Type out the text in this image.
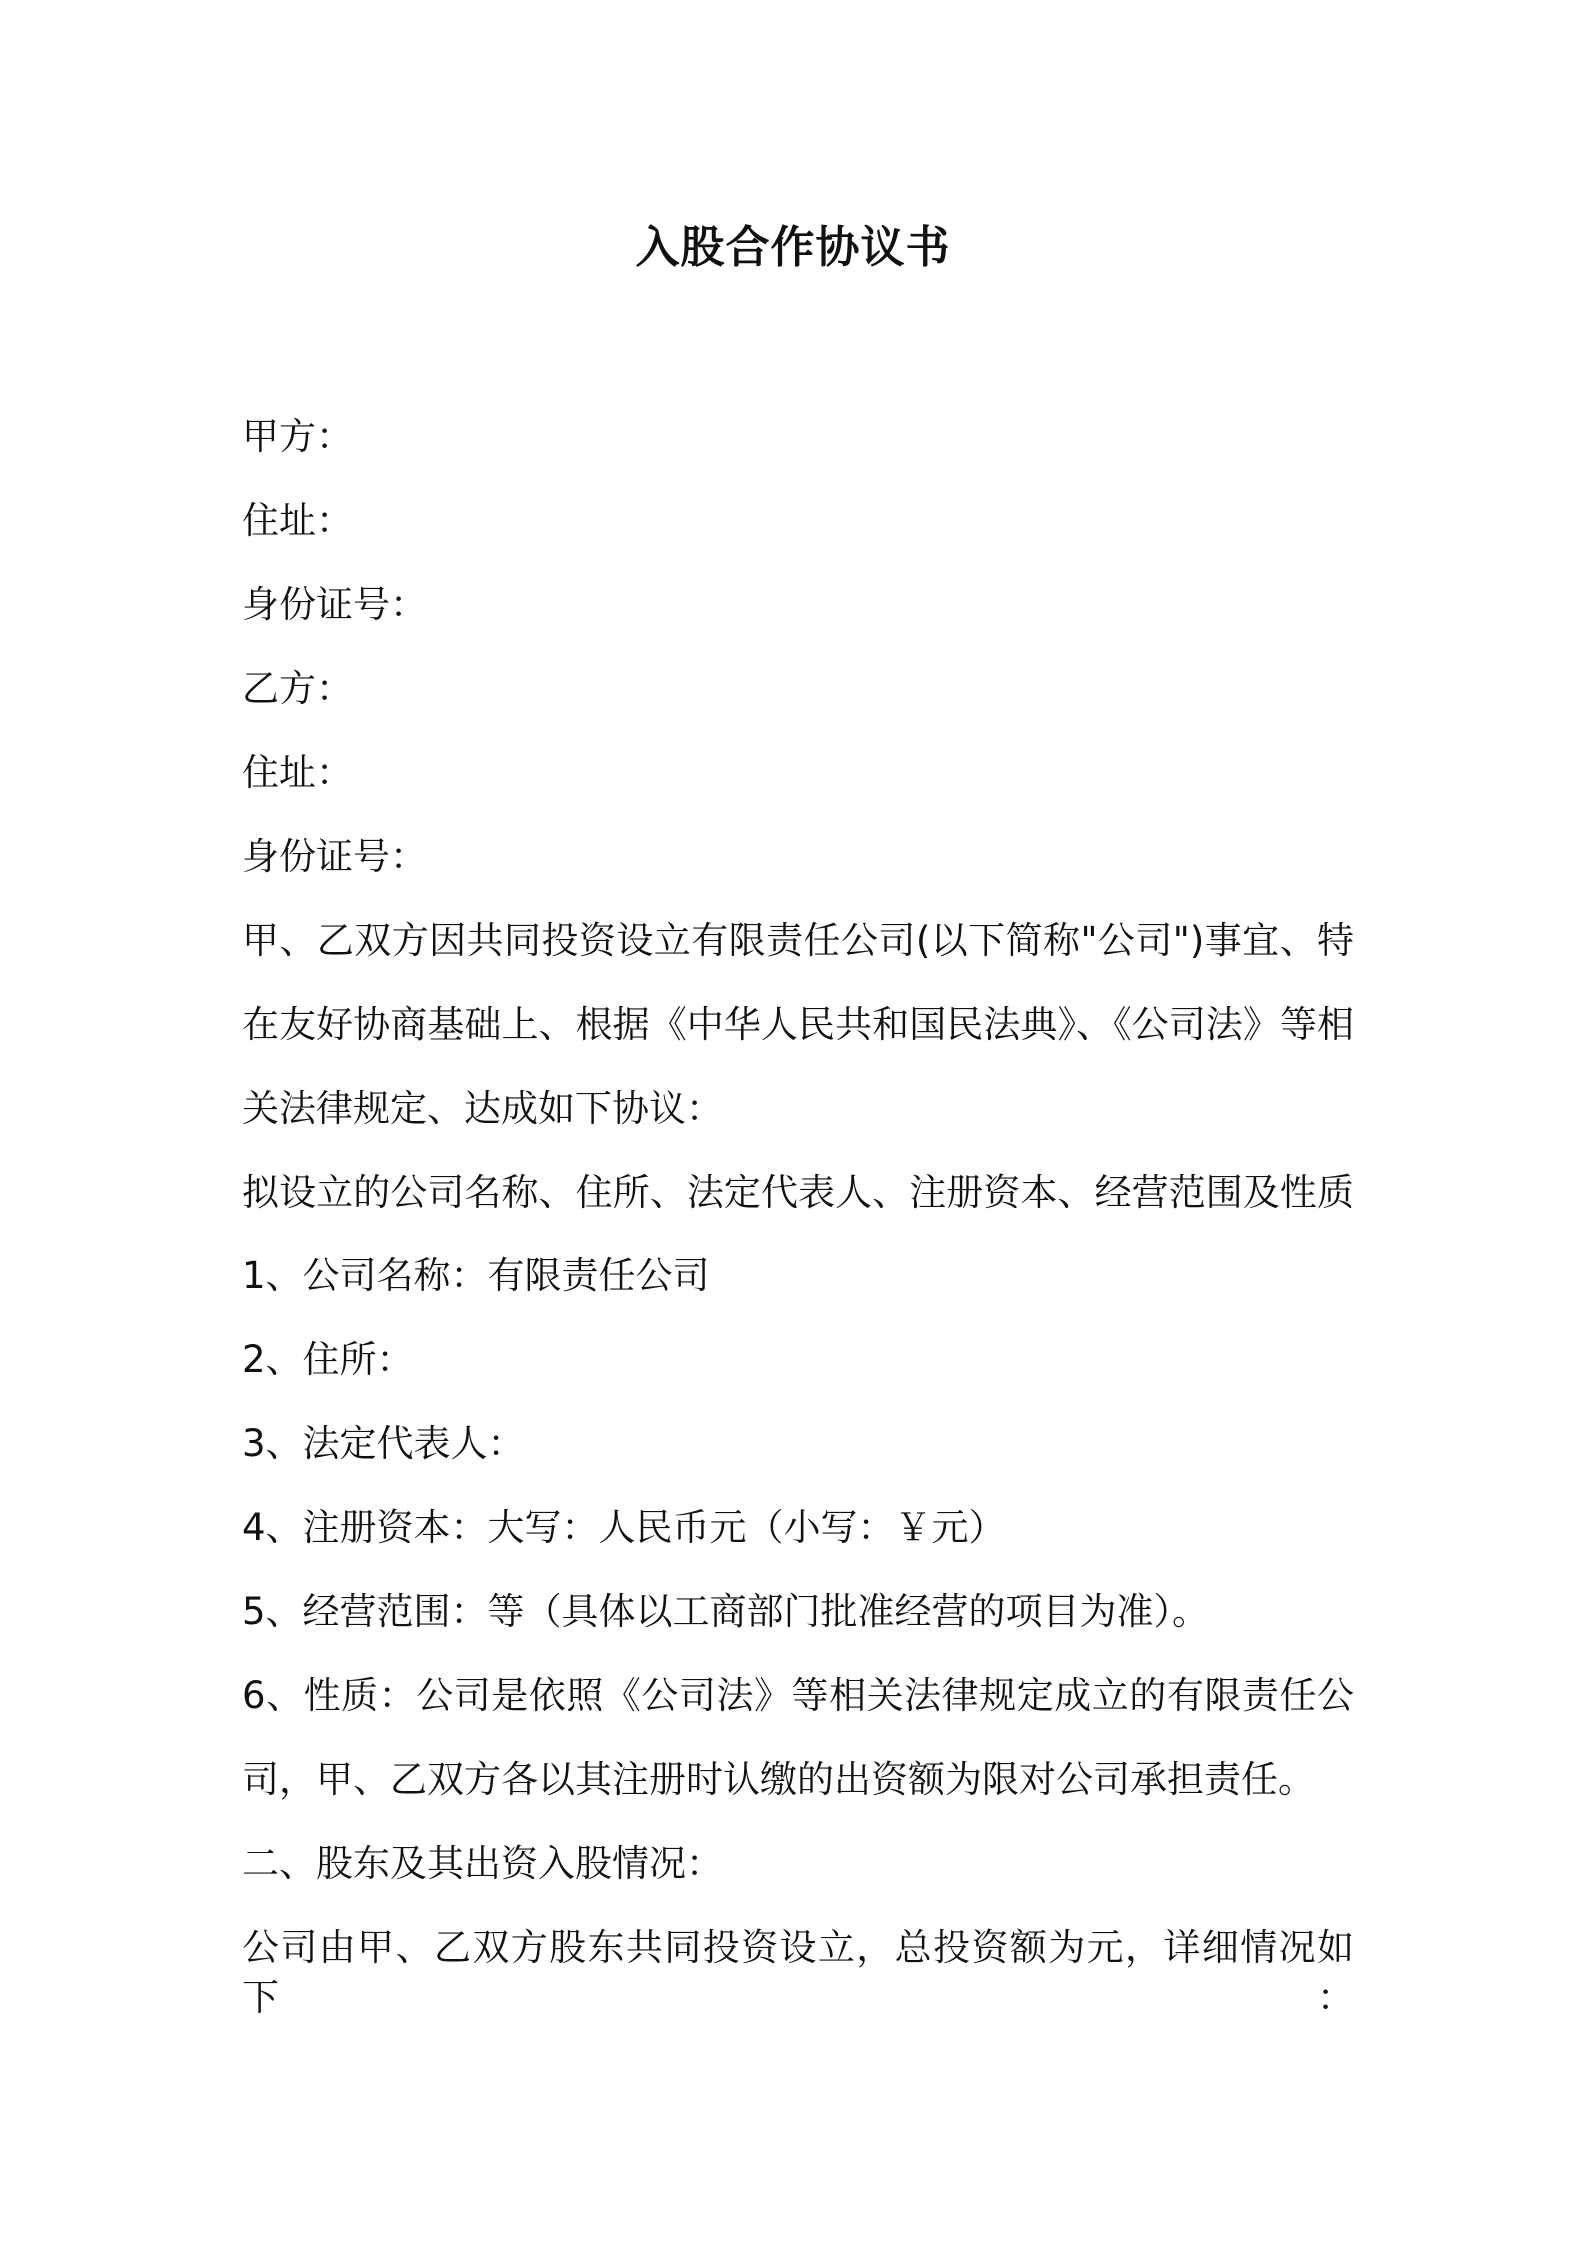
入股合作协议书
甲方：
住址：
身份证号：
乙方：
住址：
身份证号：
甲、乙双方因共同投资设立有限责任公司(以下简称"公司")事宜、特
在友好协商基础上、根据《中华人民共和国民法典》、《公司法》等相
关法律规定、达成如下协议：
拟设立的公司名称、住所、法定代表人、注册资本、经营范围及性质
1、公司名称：有限责任公司
2、住所：
3、法定代表人：
4、注册资本：大写：人民币元（小写：￥元）
5、经营范围：等（具体以工商部门批准经营的项目为准）。
6、性质：公司是依照《公司法》等相关法律规定成立的有限责任公
司，甲、乙双方各以其注册时认缴的出资额为限对公司承担责任。
二、股东及其出资入股情况：
公司由甲、乙双方股东共同投资设立，总投资额为元，详细情况如下：
